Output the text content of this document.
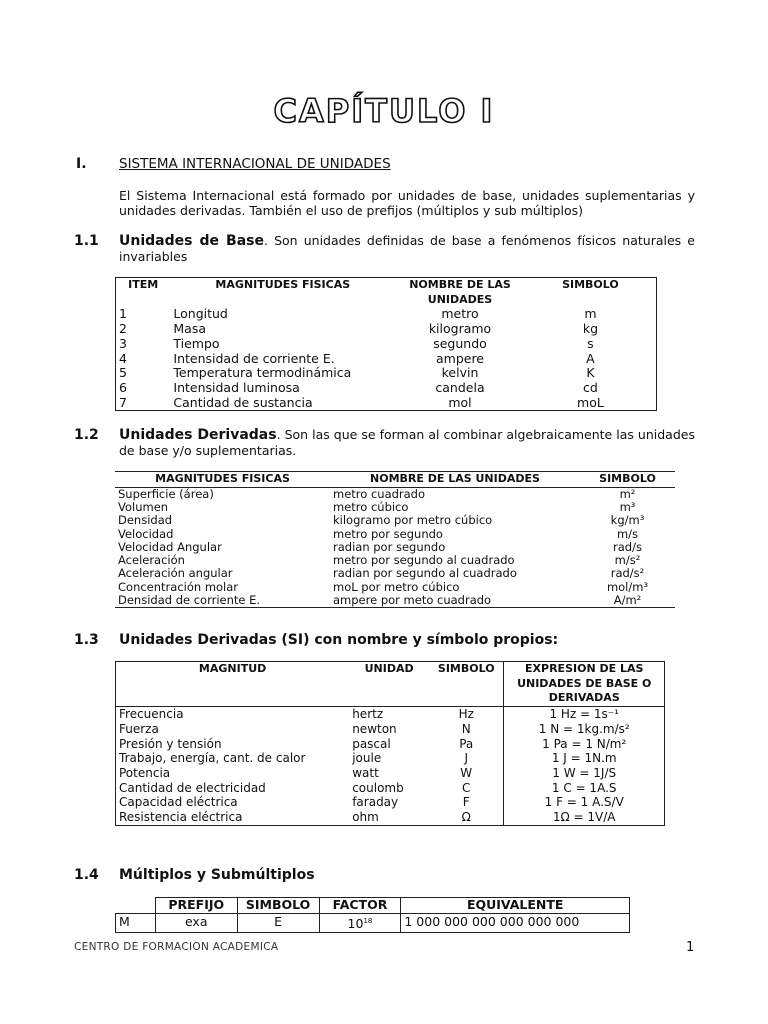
CAPÍTULO I
I. SISTEMA INTERNACIONAL DE UNIDADES
El Sistema Internacional está formado por unidades de base, unidades suplementarias y unidades derivadas. También el uso de prefijos (múltiplos y sub múltiplos)
1.1 Unidades de Base. Son unidades definidas de base a fenómenos físicos naturales e invariables
ITEM	MAGNITUDES FISICAS	NOMBRE DE LAS UNIDADES	SIMBOLO
1	Longitud	metro	m
2	Masa	kilogramo	kg
3	Tiempo	segundo	s
4	Intensidad de corriente E.	ampere	A
5	Temperatura termodinámica	kelvin	K
6	Intensidad luminosa	candela	cd
7	Cantidad de sustancia	mol	moL
1.2 Unidades Derivadas. Son las que se forman al combinar algebraicamente las unidades de base y/o suplementarias.
MAGNITUDES FISICAS	NOMBRE DE LAS UNIDADES	SIMBOLO
Superficie (área)	metro cuadrado	m²
Volumen	metro cúbico	m³
Densidad	kilogramo por metro cúbico	kg/m³
Velocidad	metro por segundo	m/s
Velocidad Angular	radian por segundo	rad/s
Aceleración	metro por segundo al cuadrado	m/s²
Aceleración angular	radian por segundo al cuadrado	rad/s²
Concentración molar	moL por metro cúbico	mol/m³
Densidad de corriente E.	ampere por meto cuadrado	A/m²
1.3 Unidades Derivadas (SI) con nombre y símbolo propios:
MAGNITUD	UNIDAD	SIMBOLO	EXPRESION DE LAS UNIDADES DE BASE O DERIVADAS
Frecuencia	hertz	Hz	1 Hz = 1s⁻¹
Fuerza	newton	N	1 N = 1kg.m/s²
Presión y tensión	pascal	Pa	1 Pa = 1 N/m²
Trabajo, energía, cant. de calor	joule	J	1 J = 1N.m
Potencia	watt	W	1 W = 1J/S
Cantidad de electricidad	coulomb	C	1 C = 1A.S
Capacidad eléctrica	faraday	F	1 F = 1 A.S/V
Resistencia eléctrica	ohm	Ω	1Ω = 1V/A
1.4 Múltiplos y Submúltiplos
	PREFIJO	SIMBOLO	FACTOR	EQUIVALENTE
M	exa	E	$10^{18}$	1 000 000 000 000 000 000
CENTRO DE FORMACION ACADEMICA	1
